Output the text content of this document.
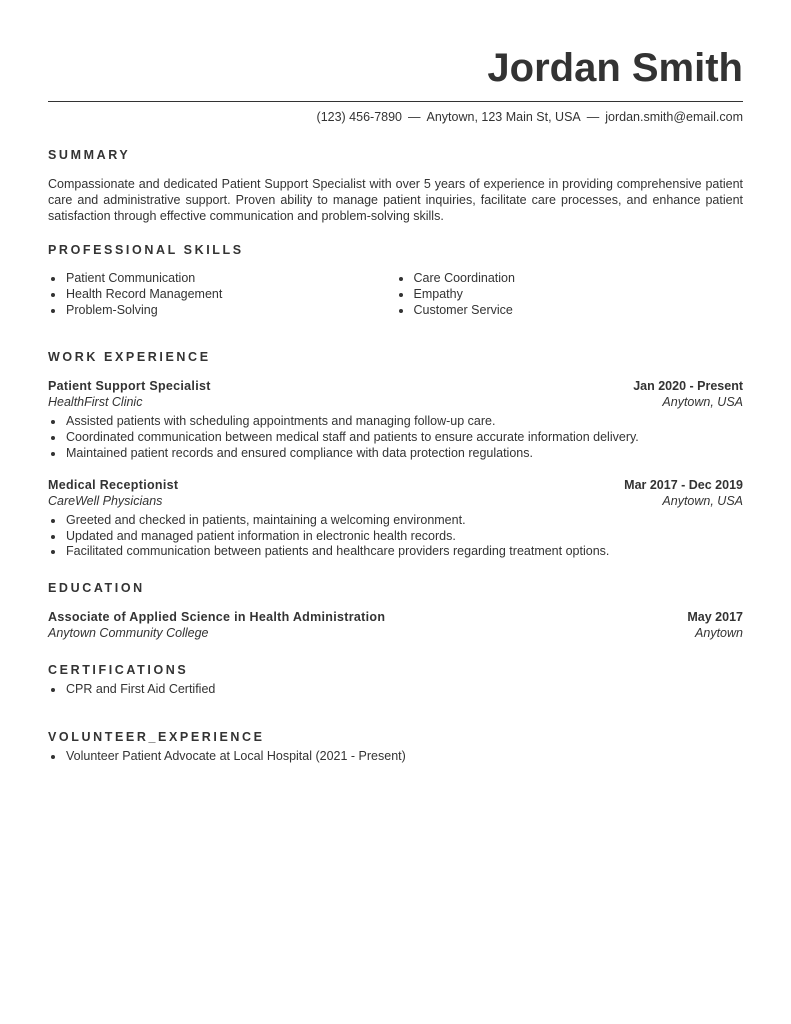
Jordan Smith
(123) 456-7890 — Anytown, 123 Main St, USA — jordan.smith@email.com
SUMMARY

Compassionate and dedicated Patient Support Specialist with over 5 years of experience in providing comprehensive patient care and administrative support. Proven ability to manage patient inquiries, facilitate care processes, and enhance patient satisfaction through effective communication and problem-solving skills.

PROFESSIONAL SKILLS
Patient Communication
Health Record Management
Problem-Solving
Care Coordination
Empathy
Customer Service
WORK EXPERIENCE
Patient Support Specialist	Jan 2020 - Present
HealthFirst Clinic	Anytown, USA
Assisted patients with scheduling appointments and managing follow-up care.
Coordinated communication between medical staff and patients to ensure accurate information delivery.
Maintained patient records and ensured compliance with data protection regulations.
Medical Receptionist	Mar 2017 - Dec 2019
CareWell Physicians	Anytown, USA
Greeted and checked in patients, maintaining a welcoming environment.
Updated and managed patient information in electronic health records.
Facilitated communication between patients and healthcare providers regarding treatment options.
EDUCATION
Associate of Applied Science in Health Administration	May 2017
Anytown Community College	Anytown
CERTIFICATIONS
CPR and First Aid Certified
VOLUNTEER_EXPERIENCE
Volunteer Patient Advocate at Local Hospital (2021 - Present)
